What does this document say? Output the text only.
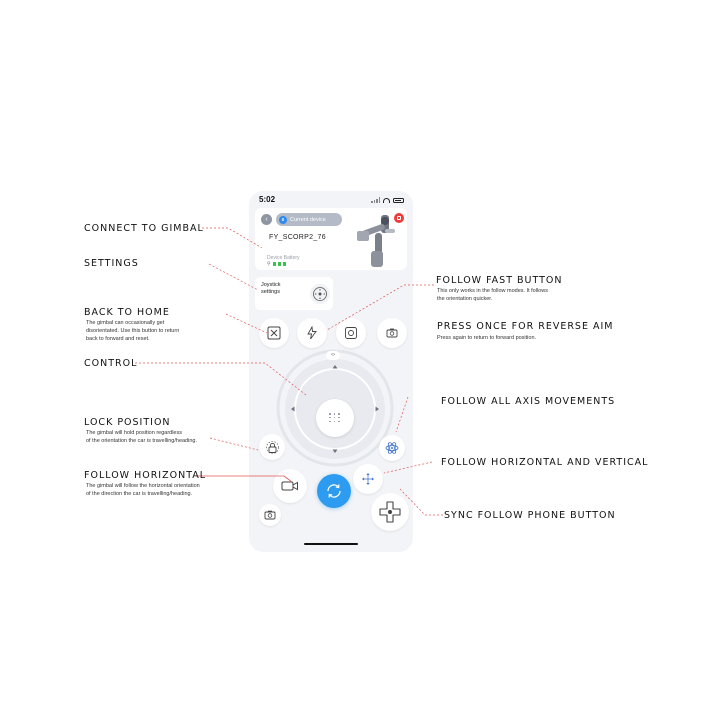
5:02
‹	ʙ	Current device
FY_SCORP2_76
Device Battery
⚲
Joystick settings
‹›
CONNECT TO GIMBAL
SETTINGS
BACK TO HOME
The gimbal can occasionally get
disorientated. Use this button to return
back to forward and reset.
CONTROL
LOCK POSITION
The gimbal will hold position regardless
of the orientation the car is travelling/heading.
FOLLOW HORIZONTAL
The gimbal will follow the horizontal orientation
of the direction the car is travelling/heading.
FOLLOW FAST BUTTON
This only works in the follow modes. It follows
the orientation quicker.
PRESS ONCE FOR REVERSE AIM
Press again to return to forward position.
FOLLOW ALL AXIS MOVEMENTS
FOLLOW HORIZONTAL AND VERTICAL
SYNC FOLLOW PHONE BUTTON
